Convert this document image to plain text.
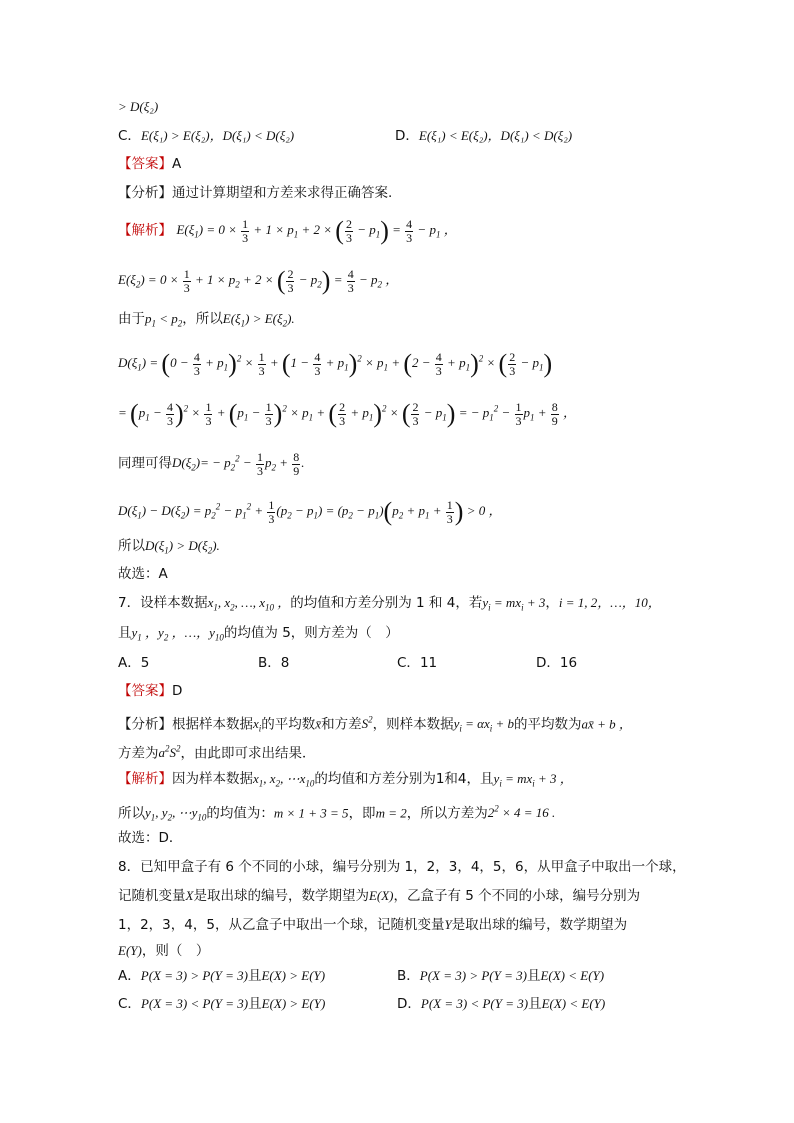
> D(ξ₂)
C．E(ξ₁) > E(ξ₂)，D(ξ₁) < D(ξ₂)	D．E(ξ₁) < E(ξ₂)，D(ξ₁) < D(ξ₂)
【答案】A
【分析】通过计算期望和方差来求得正确答案.
【解析】 $E(\xi_1) = 0 \times \frac{1}{3} + 1 \times p_1 + 2$ × ( $\frac{2}{3} - p_1) = \frac{4}{3} - p_1$ ，
$E(\xi_2) = 0 \times \frac{1}{3} + 1 \times p_2 + 2$ × ( $\frac{2}{3} - p_2) = \frac{4}{3} - p_2$ ，
由于$p_1 < p_2$，所以$E(\xi_1) > E(\xi_2)$.
$D(\xi_1) = (0 - \frac{4}{3} + p_1)^2 \times \frac{1}{3} + (1 - \frac{4}{3} + p_1)^2 \times p_1 + (2 - \frac{4}{3} + p_1)^2$ × ( $\frac{2}{3} - p_1$)
= $(p_1 - \frac{4}{3} )^2 \times \frac{1}{3} + (p_1 - \frac{1}{3} )^2 \times p_1$ + ( $\frac{2}{3} + p_1)^2$ × ( $\frac{2}{3} - p_1$) = − $p_1^2 - \frac{1}{3} p_1 + \frac{8}{9}$ ，
同理可得$D(\xi_2)= - p_2^2 - \frac{1}{3} p_2 + \frac{8}{9}$ .
$D(\xi_1) - D(\xi_2) = p_2^2 - p_1^2 + \frac{1}{3} (p_2 - p_1) = (p_2 - p_1)(p_2 + p_1 + \frac{1}{3}$ ) > 0 ，
所以$D(\xi_1) > D(\xi_2)$.
故选：A
7．设样本数据$x_1$, $x_2$, …, $x_{10}$ ，的均值和方差分别为 1 和 4，若$y_i = mx_i + 3$，i = 1, 2，…，10，
且$y_1$ ，$y_2$ ，…，$y_{10}$的均值为 5，则方差为（　）
A．5	B．8	C．11	D．16
【答案】D
【分析】根据样本数据$x_i$的平均数x̄和方差$S^2$，则样本数据$y_i = \alpha x_i + b$的平均数为ax̄ + b ，
方差为$a^2S^2$，由此即可求出结果．
【解析】因为样本数据$x_1$, $x_2$, $\cdots x_{10}$的均值和方差分别为1和4，且$y_i = mx_i + 3$ ，
所以$y_1$, $y_2$, $\cdots y_{10}$的均值为：m × 1 + 3 = 5，即m = 2，所以方差为$2^2 \times 4 = 16$ .
故选：D．
8．已知甲盒子有 6 个不同的小球，编号分别为 1，2，3，4，5，6，从甲盒子中取出一个球，
记随机变量X是取出球的编号，数学期望为E(X)，乙盒子有 5 个不同的小球，编号分别为
1，2，3，4，5，从乙盒子中取出一个球，记随机变量Y是取出球的编号，数学期望为
E(Y)，则（　）
A．P(X = 3) > P(Y = 3)且E(X) > E(Y)	B．P(X = 3) > P(Y = 3)且E(X) < E(Y)
C．P(X = 3) < P(Y = 3)且E(X) > E(Y)	D．P(X = 3) < P(Y = 3)且E(X) < E(Y)
